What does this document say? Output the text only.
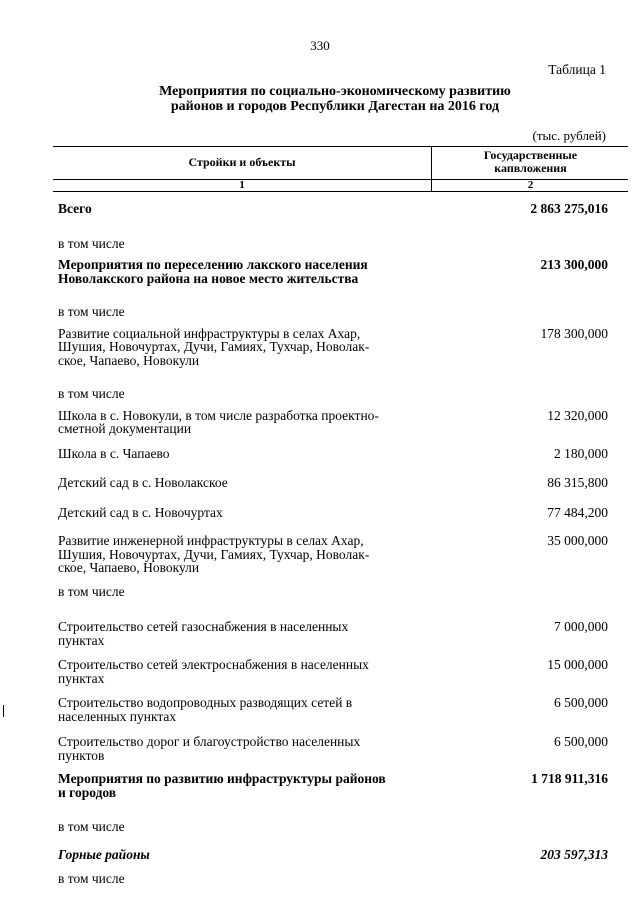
330
Таблица 1
Мероприятия по социально-экономическому развитию
районов и городов Республики Дагестан на 2016 год
(тыс. рублей)
Стройки и объекты	Государственные
капвложения
1	2
Всего	2 863 275,016
в том числе
Мероприятия по переселению лакского населения
Новолакского района на новое место жительства
213 300,000
в том числе
Развитие социальной инфраструктуры в селах Ахар,
Шушия, Новочуртах, Дучи, Гамиях, Тухчар, Новолак-
ское, Чапаево, Новокули
178 300,000
в том числе
Школа в с. Новокули, в том числе разработка проектно-
сметной документации
12 320,000
Школа в с. Чапаево	2 180,000
Детский сад в с. Новолакское	86 315,800
Детский сад в с. Новочуртах	77 484,200
Развитие инженерной инфраструктуры в селах Ахар,
Шушия, Новочуртах, Дучи, Гамиях, Тухчар, Новолак-
ское, Чапаево, Новокули
35 000,000
в том числе
Строительство сетей газоснабжения в населенных
пунктах
7 000,000
Строительство сетей электроснабжения в населенных
пунктах
15 000,000
Строительство водопроводных разводящих сетей в
населенных пунктах
6 500,000
Строительство дорог и благоустройство населенных
пунктов
6 500,000
Мероприятия по развитию инфраструктуры районов
и городов
1 718 911,316
в том числе
Горные районы	203 597,313
в том числе
